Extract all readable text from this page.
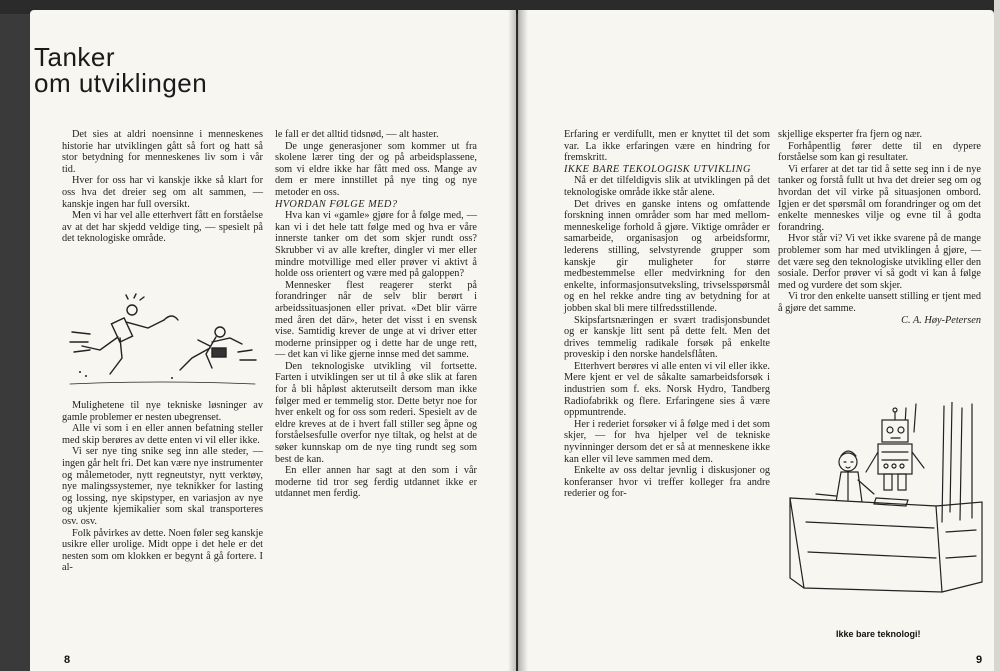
Tanker
om utviklingen

Det sies at aldri noensinne i menneskenes historie har utviklingen gått så fort og hatt så stor betydning for menneskenes liv som i vår tid.

Hver for oss har vi kanskje ikke så klart for oss hva det dreier seg om alt sammen, — kanskje ingen har full oversikt.

Men vi har vel alle etterhvert fått en forståelse av at det har skjedd veldige ting, — spesielt på det teknologiske område.

Mulighetene til nye tekniske løsninger av gamle problemer er nesten ubegrenset.

Alle vi som i en eller annen befatning steller med skip berøres av dette enten vi vil eller ikke.

Vi ser nye ting snike seg inn alle steder, — ingen går helt fri. Det kan være nye instrumenter og målemetoder, nytt regneutstyr, nytt verktøy, nye malingssystemer, nye teknikker for lasting og lossing, nye skipstyper, en variasjon av nye og ukjente kjemikalier som skal transporteres osv. osv.

Folk påvirkes av dette. Noen føler seg kanskje usikre eller urolige. Midt oppe i det hele er det nesten som om klokken er begynt å gå fortere. I al-

le fall er det alltid tidsnød, — alt haster.

De unge generasjoner som kommer ut fra skolene lærer ting der og på arbeidsplassene, som vi eldre ikke har fått med oss. Mange av dem er mere innstillet på nye ting og nye metoder en oss.

HVORDAN FØLGE MED?

Hva kan vi «gamle» gjøre for å følge med, — kan vi i det hele tatt følge med og hva er våre innerste tanker om det som skjer rundt oss? Skrubber vi av alle krefter, dingler vi mer eller mindre motvillige med eller prøver vi aktivt å holde oss orientert og være med på galoppen?

Mennesker flest reagerer sterkt på forandringer når de selv blir berørt i arbeidssituasjonen eller privat. «Det blir värre med åren det där», heter det visst i en svensk vise. Samtidig krever de unge at vi driver etter moderne prinsipper og i dette har de unge rett, — det kan vi like gjerne innse med det samme.

Den teknologiske utvikling vil fortsette. Farten i utviklingen ser ut til å øke slik at faren for å bli håpløst akterutseilt dersom man ikke følger med er temmelig stor. Dette betyr noe for hver enkelt og for oss som rederi. Spesielt av de eldre kreves at de i hvert fall stiller seg åpne og forståelsesfulle overfor nye tiltak, og helst at de søker kunnskap om de nye ting rundt seg som best de kan.

En eller annen har sagt at den som i vår moderne tid tror seg ferdig utdannet ikke er utdannet men ferdig.

Erfaring er verdifullt, men er knyttet til det som var. La ikke erfaringen være en hindring for fremskritt.

IKKE BARE TEKOLOGISK UTVIKLING

Nå er det tilfeldigvis slik at utviklingen på det teknologiske område ikke står alene.

Det drives en ganske intens og omfattende forskning innen områder som har med mellom-menneskelige forhold å gjøre. Viktige områder er samarbeide, organisasjon og arbeidsformr, lederens stilling, selvstyrende grupper som kanskje gir muligheter for større medbestemmelse eller medvirkning for den enkelte, informasjonsutveksling, trivselsspørsmål og en hel rekke andre ting av betydning for at jobben skal bli mere tilfredsstillende.

Skipsfartsnæringen er svært tradisjonsbundet og er kanskje litt sent på dette felt. Men det drives temmelig radikale forsøk på enkelte proveskip i den norske handelsflåten.

Etterhvert berøres vi alle enten vi vil eller ikke. Mere kjent er vel de såkalte samarbeidsforsøk i industrien som f. eks. Norsk Hydro, Tandberg Radiofabrikk og flere. Erfaringene sies å være oppmuntrende.

Her i rederiet forsøker vi å følge med i det som skjer, — for hva hjelper vel de tekniske nyvinninger dersom det er så at menneskene ikke kan eller vil leve sammen med dem.

Enkelte av oss deltar jevnlig i diskusjoner og konferanser hvor vi treffer kolleger fra andre rederier og for-

skjellige eksperter fra fjern og nær.

Forhåpentlig fører dette til en dypere forståelse som kan gi resultater.

Vi erfarer at det tar tid å sette seg inn i de nye tanker og forstå fullt ut hva det dreier seg om og hvordan det vil virke på situasjonen ombord. Igjen er det spørsmål om forandringer og om det enkelte menneskes vilje og evne til å godta forandring.

Hvor står vi? Vi vet ikke svarene på de mange problemer som har med utviklingen å gjøre, — det være seg den teknologiske utvikling eller den sosiale. Derfor prøver vi så godt vi kan å følge med og vurdere det som skjer.

Vi tror den enkelte uansett stilling er tjent med å gjøre det samme.

C. A. Høy-Petersen

Ikke bare teknologi!
8	9
